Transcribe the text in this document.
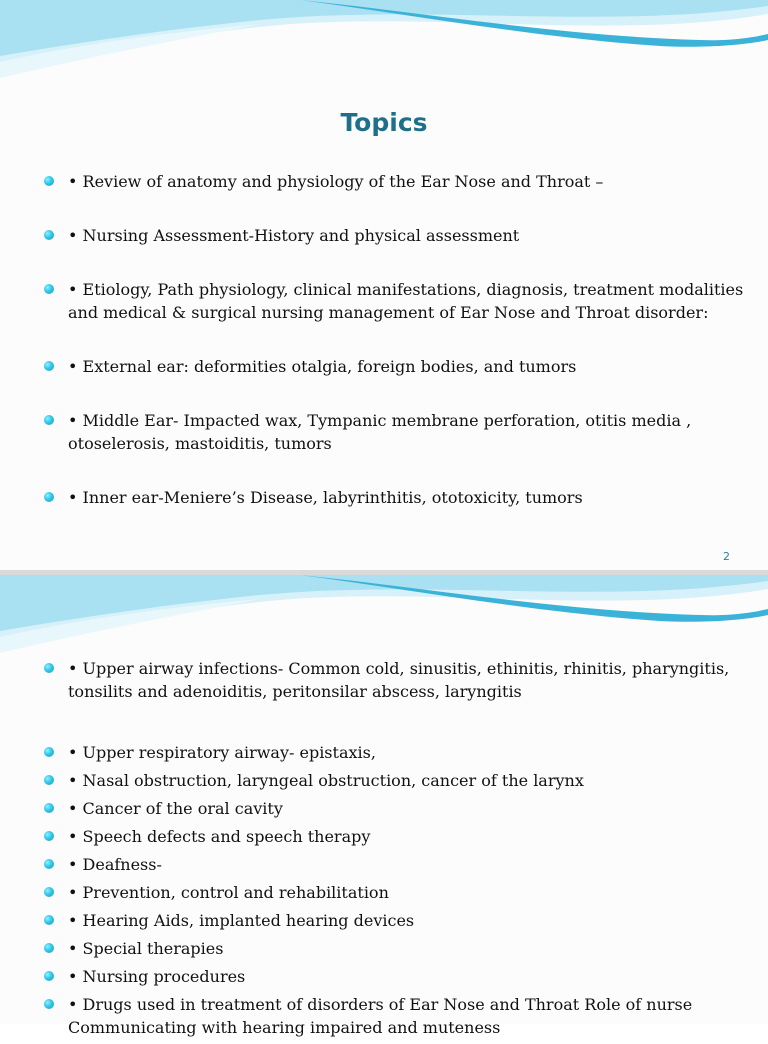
Topics
• Review of anatomy and physiology of the Ear Nose and Throat –
• Nursing Assessment-History and physical assessment
• Etiology, Path physiology, clinical manifestations, diagnosis, treatment modalities and medical & surgical nursing management of Ear Nose and Throat disorder:
• External ear: deformities otalgia, foreign bodies, and tumors
• Middle Ear- Impacted wax, Tympanic membrane perforation, otitis media , otoselerosis, mastoiditis, tumors
• Inner ear-Meniere’s Disease, labyrinthitis, ototoxicity, tumors
2
• Upper airway infections- Common cold, sinusitis, ethinitis, rhinitis, pharyngitis, tonsilits and adenoiditis, peritonsilar abscess, laryngitis
• Upper respiratory airway- epistaxis,
• Nasal obstruction, laryngeal obstruction, cancer of the larynx
• Cancer of the oral cavity
• Speech defects and speech therapy
• Deafness-
• Prevention, control and rehabilitation
• Hearing Aids, implanted hearing devices
• Special therapies
• Nursing procedures
• Drugs used in treatment of disorders of Ear Nose and Throat Role of nurse Communicating with hearing impaired and muteness
